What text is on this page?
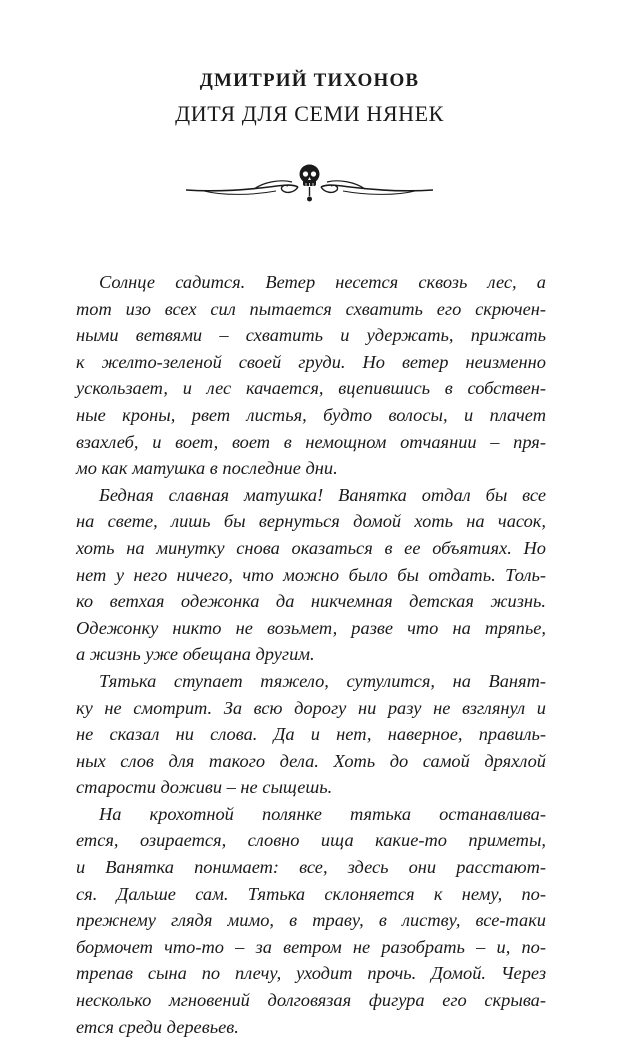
ДМИТРИЙ ТИХОНОВ
ДИТЯ ДЛЯ СЕМИ НЯНЕК
Солнце садится. Ветер несется сквозь лес, а
тот изо всех сил пытается схватить его скрючен-
ными ветвями – схватить и удержать, прижать
к желто-зеленой своей груди. Но ветер неизменно
ускользает, и лес качается, вцепившись в собствен-
ные кроны, рвет листья, будто волосы, и плачет
взахлеб, и воет, воет в немощном отчаянии – пря-
мо как матушка в последние дни.
Бедная славная матушка! Ванятка отдал бы все
на свете, лишь бы вернуться домой хоть на часок,
хоть на минутку снова оказаться в ее объятиях. Но
нет у него ничего, что можно было бы отдать. Толь-
ко ветхая одежонка да никчемная детская жизнь.
Одежонку никто не возьмет, разве что на тряпье,
а жизнь уже обещана другим.
Тятька ступает тяжело, сутулится, на Ванят-
ку не смотрит. За всю дорогу ни разу не взглянул и
не сказал ни слова. Да и нет, наверное, правиль-
ных слов для такого дела. Хоть до самой дряхлой
старости доживи – не сыщешь.
На крохотной полянке тятька останавливa-
ется, озирается, словно ища какие-то приметы,
и Ванятка понимает: все, здесь они расстают-
ся. Дальше сам. Тятька склоняется к нему, по-
прежнему глядя мимо, в траву, в листву, все-таки
бормочет что-то – за ветром не разобрать – и, по-
трепав сына по плечу, уходит прочь. Домой. Через
несколько мгновений долговязая фигура его скрыва-
ется среди деревьев.
